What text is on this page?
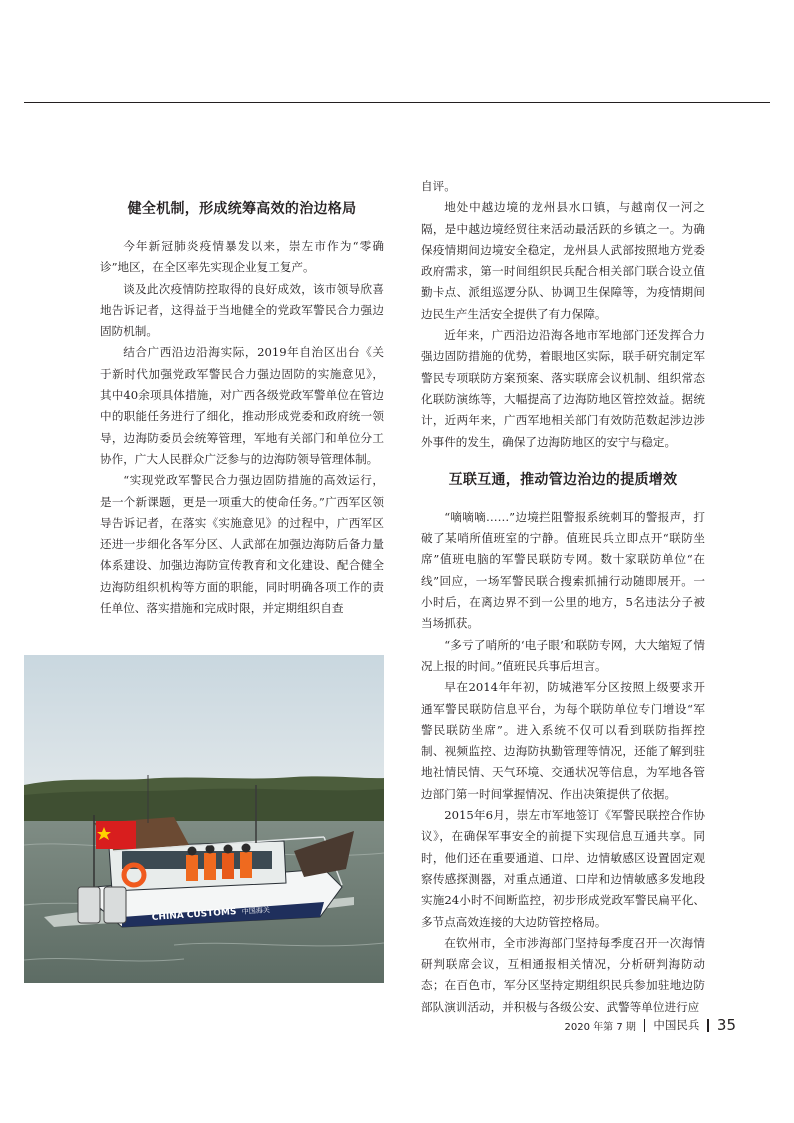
健全机制，形成统筹高效的治边格局

今年新冠肺炎疫情暴发以来，崇左市作为“零确诊”地区，在全区率先实现企业复工复产。

谈及此次疫情防控取得的良好成效，该市领导欣喜地告诉记者，这得益于当地健全的党政军警民合力强边固防机制。

结合广西沿边沿海实际，2019年自治区出台《关于新时代加强党政军警民合力强边固防的实施意见》，其中40余项具体措施，对广西各级党政军警单位在管边中的职能任务进行了细化，推动形成党委和政府统一领导，边海防委员会统筹管理，军地有关部门和单位分工协作，广大人民群众广泛参与的边海防领导管理体制。

“实现党政军警民合力强边固防措施的高效运行，是一个新课题，更是一项重大的使命任务。”广西军区领导告诉记者，在落实《实施意见》的过程中，广西军区还进一步细化各军分区、人武部在加强边海防后备力量体系建设、加强边海防宣传教育和文化建设、配合健全边海防组织机构等方面的职能，同时明确各项工作的责任单位、落实措施和完成时限，并定期组织自查

CHINA CUSTOMS 中国海关

自评。

地处中越边境的龙州县水口镇，与越南仅一河之隔，是中越边境经贸往来活动最活跃的乡镇之一。为确保疫情期间边境安全稳定，龙州县人武部按照地方党委政府需求，第一时间组织民兵配合相关部门联合设立值勤卡点、派组巡逻分队、协调卫生保障等，为疫情期间边民生产生活安全提供了有力保障。

近年来，广西沿边沿海各地市军地部门还发挥合力强边固防措施的优势，着眼地区实际，联手研究制定军警民专项联防方案预案、落实联席会议机制、组织常态化联防演练等，大幅提高了边海防地区管控效益。据统计，近两年来，广西军地相关部门有效防范数起涉边涉外事件的发生，确保了边海防地区的安宁与稳定。

互联互通，推动管边治边的提质增效

“嘀嘀嘀……”边境拦阻警报系统刺耳的警报声，打破了某哨所值班室的宁静。值班民兵立即点开“联防坐席”值班电脑的军警民联防专网。数十家联防单位“在线”回应，一场军警民联合搜索抓捕行动随即展开。一小时后，在离边界不到一公里的地方，5名违法分子被当场抓获。

“多亏了哨所的‘电子眼’和联防专网，大大缩短了情况上报的时间。”值班民兵事后坦言。

早在2014年年初，防城港军分区按照上级要求开通军警民联防信息平台，为每个联防单位专门增设“军警民联防坐席”。进入系统不仅可以看到联防指挥控制、视频监控、边海防执勤管理等情况，还能了解到驻地社情民情、天气环境、交通状况等信息，为军地各管边部门第一时间掌握情况、作出决策提供了依据。

2015年6月，崇左市军地签订《军警民联控合作协议》，在确保军事安全的前提下实现信息互通共享。同时，他们还在重要通道、口岸、边情敏感区设置固定观察传感探测器，对重点通道、口岸和边情敏感多发地段实施24小时不间断监控，初步形成党政军警民扁平化、多节点高效连接的大边防管控格局。

在钦州市，全市涉海部门坚持每季度召开一次海情研判联席会议，互相通报相关情况，分析研判海防动态；在百色市，军分区坚持定期组织民兵参加驻地边防部队演训活动，并积极与各级公安、武警等单位进行应

2020 年第 7 期 中国民兵 35
